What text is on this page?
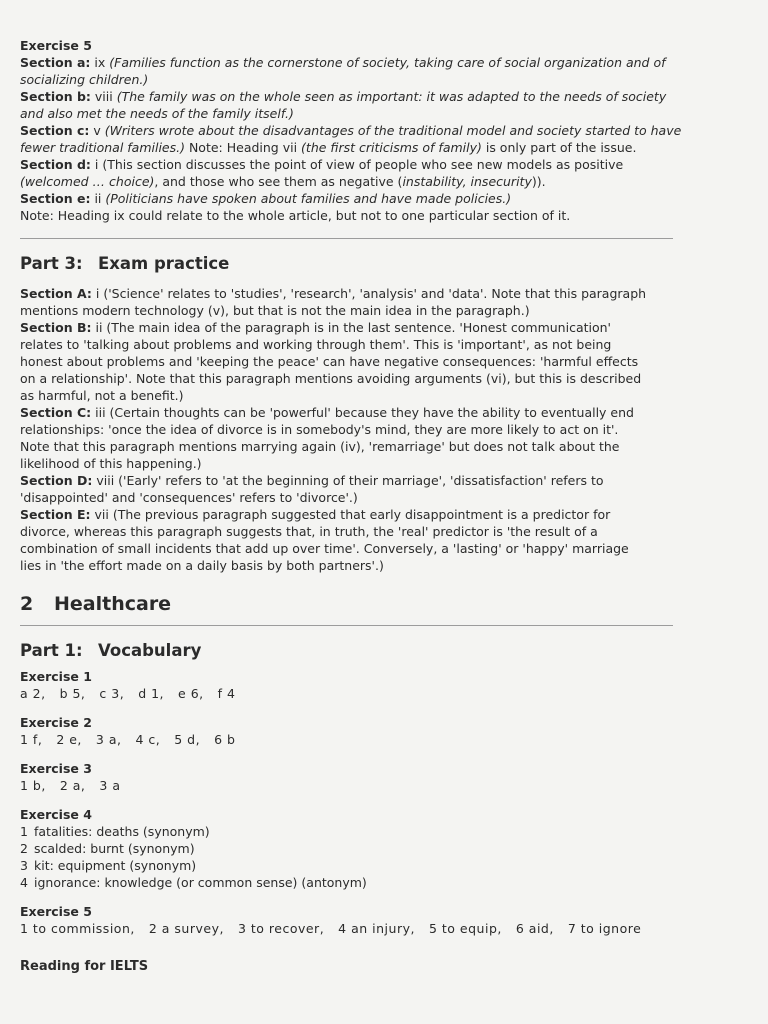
Exercise 5
Section a: ix (Families function as the cornerstone of society, taking care of social organization and of
socializing children.)
Section b: viii (The family was on the whole seen as important: it was adapted to the needs of society
and also met the needs of the family itself.)
Section c: v (Writers wrote about the disadvantages of the traditional model and society started to have
fewer traditional families.) Note: Heading vii (the first criticisms of family) is only part of the issue.
Section d: i (This section discusses the point of view of people who see new models as positive
(welcomed … choice), and those who see them as negative (instability, insecurity)).
Section e: ii (Politicians have spoken about families and have made policies.)
Note: Heading ix could relate to the whole article, but not to one particular section of it.
Part 3: Exam practice
Section A: i ('Science' relates to 'studies', 'research', 'analysis' and 'data'. Note that this paragraph
mentions modern technology (v), but that is not the main idea in the paragraph.)
Section B: ii (The main idea of the paragraph is in the last sentence. 'Honest communication'
relates to 'talking about problems and working through them'. This is 'important', as not being
honest about problems and 'keeping the peace' can have negative consequences: 'harmful effects
on a relationship'. Note that this paragraph mentions avoiding arguments (vi), but this is described
as harmful, not a benefit.)
Section C: iii (Certain thoughts can be 'powerful' because they have the ability to eventually end
relationships: 'once the idea of divorce is in somebody's mind, they are more likely to act on it'.
Note that this paragraph mentions marrying again (iv), 'remarriage' but does not talk about the
likelihood of this happening.)
Section D: viii ('Early' refers to 'at the beginning of their marriage', 'dissatisfaction' refers to
'disappointed' and 'consequences' refers to 'divorce'.)
Section E: vii (The previous paragraph suggested that early disappointment is a predictor for
divorce, whereas this paragraph suggests that, in truth, the 'real' predictor is 'the result of a
combination of small incidents that add up over time'. Conversely, a 'lasting' or 'happy' marriage
lies in 'the effort made on a daily basis by both partners'.)
2 Healthcare
Part 1: Vocabulary
Exercise 1
a 2, b 5, c 3, d 1, e 6, f 4
Exercise 2
1 f, 2 e, 3 a, 4 c, 5 d, 6 b
Exercise 3
1 b, 2 a, 3 a
Exercise 4
1 fatalities: deaths (synonym)
2 scalded: burnt (synonym)
3 kit: equipment (synonym)
4 ignorance: knowledge (or common sense) (antonym)
Exercise 5
1 to commission, 2 a survey, 3 to recover, 4 an injury, 5 to equip, 6 aid, 7 to ignore
Reading for IELTS
